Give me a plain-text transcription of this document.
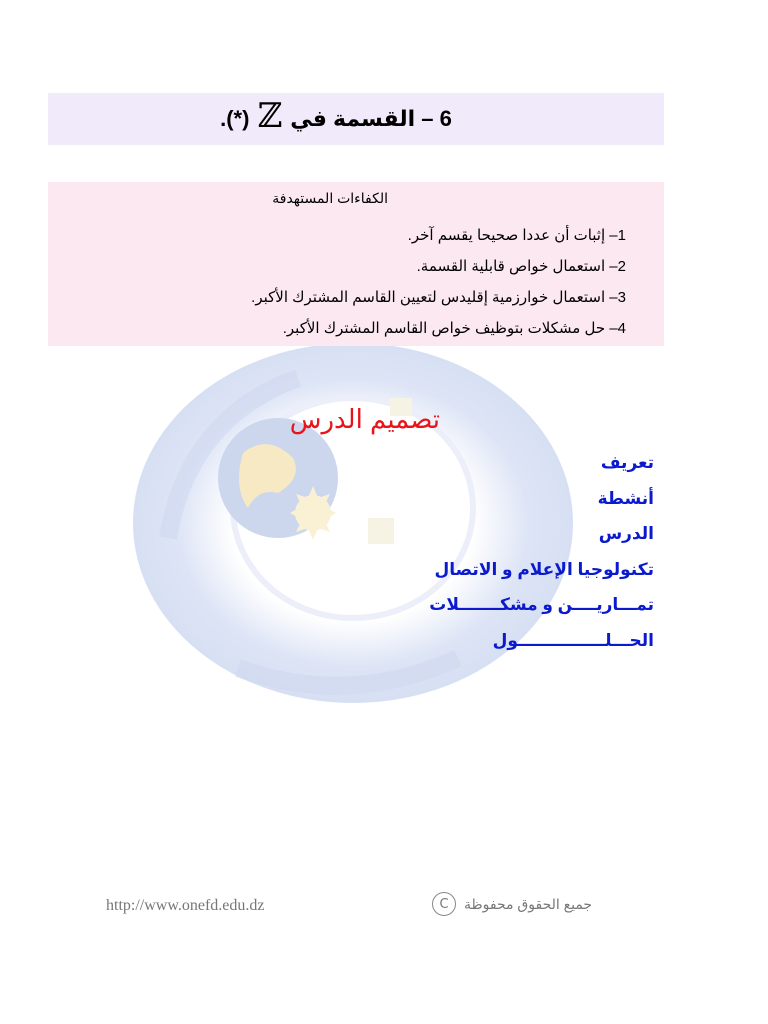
6

–

القسمة في
ℤ
.(*)
الكفاءات المستهدفة
1– إثبات أن عددا صحيحا يقسم آخر.
2– استعمال خواص قابلية القسمة.
3– استعمال خوارزمية إقليدس لتعيين القاسم المشترك الأكبر.
4– حل مشكلات بتوظيف خواص القاسم المشترك الأكبر.
تصميم الدرس
تعريف
أنشطة
الدرس
تكنولوجيا الإعلام و الاتصال
تمـــاريــــن و مشكـــــــلات
الحـــلـــــــــــــــول
http://www.onefd.edu.dz	C	جميع الحقوق محفوظة
